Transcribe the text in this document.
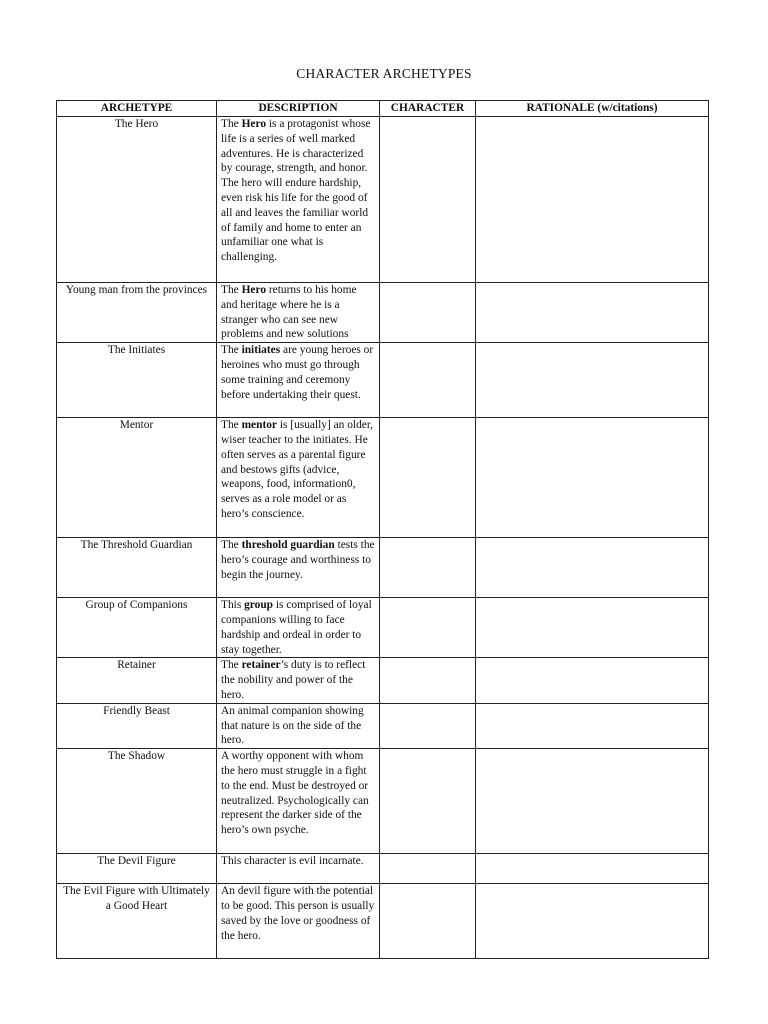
CHARACTER ARCHETYPES
ARCHETYPE	DESCRIPTION	CHARACTER	RATIONALE (w/citations)
The Hero	The Hero is a protagonist whose life is a series of well marked adventures. He is characterized by courage, strength, and honor. The hero will endure hardship, even risk his life for the good of all and leaves the familiar world of family and home to enter an unfamiliar one what is challenging.		
Young man from the provinces	The Hero returns to his home and heritage where he is a stranger who can see new problems and new solutions		
The Initiates	The initiates are young heroes or heroines who must go through some training and ceremony before undertaking their quest.		
Mentor	The mentor is [usually] an older, wiser teacher to the initiates. He often serves as a parental figure and bestows gifts (advice, weapons, food, information0, serves as a role model or as hero’s conscience.		
The Threshold Guardian	The threshold guardian tests the hero’s courage and worthiness to begin the journey.		
Group of Companions	This group is comprised of loyal companions willing to face hardship and ordeal in order to stay together.		
Retainer	The retainer’s duty is to reflect the nobility and power of the hero.		
Friendly Beast	An animal companion showing that nature is on the side of the hero.		
The Shadow	A worthy opponent with whom the hero must struggle in a fight to the end. Must be destroyed or neutralized. Psychologically can represent the darker side of the hero’s own psyche.		
The Devil Figure	This character is evil incarnate.		
The Evil Figure with Ultimately a Good Heart	An devil figure with the potential to be good. This person is usually saved by the love or goodness of the hero.		
